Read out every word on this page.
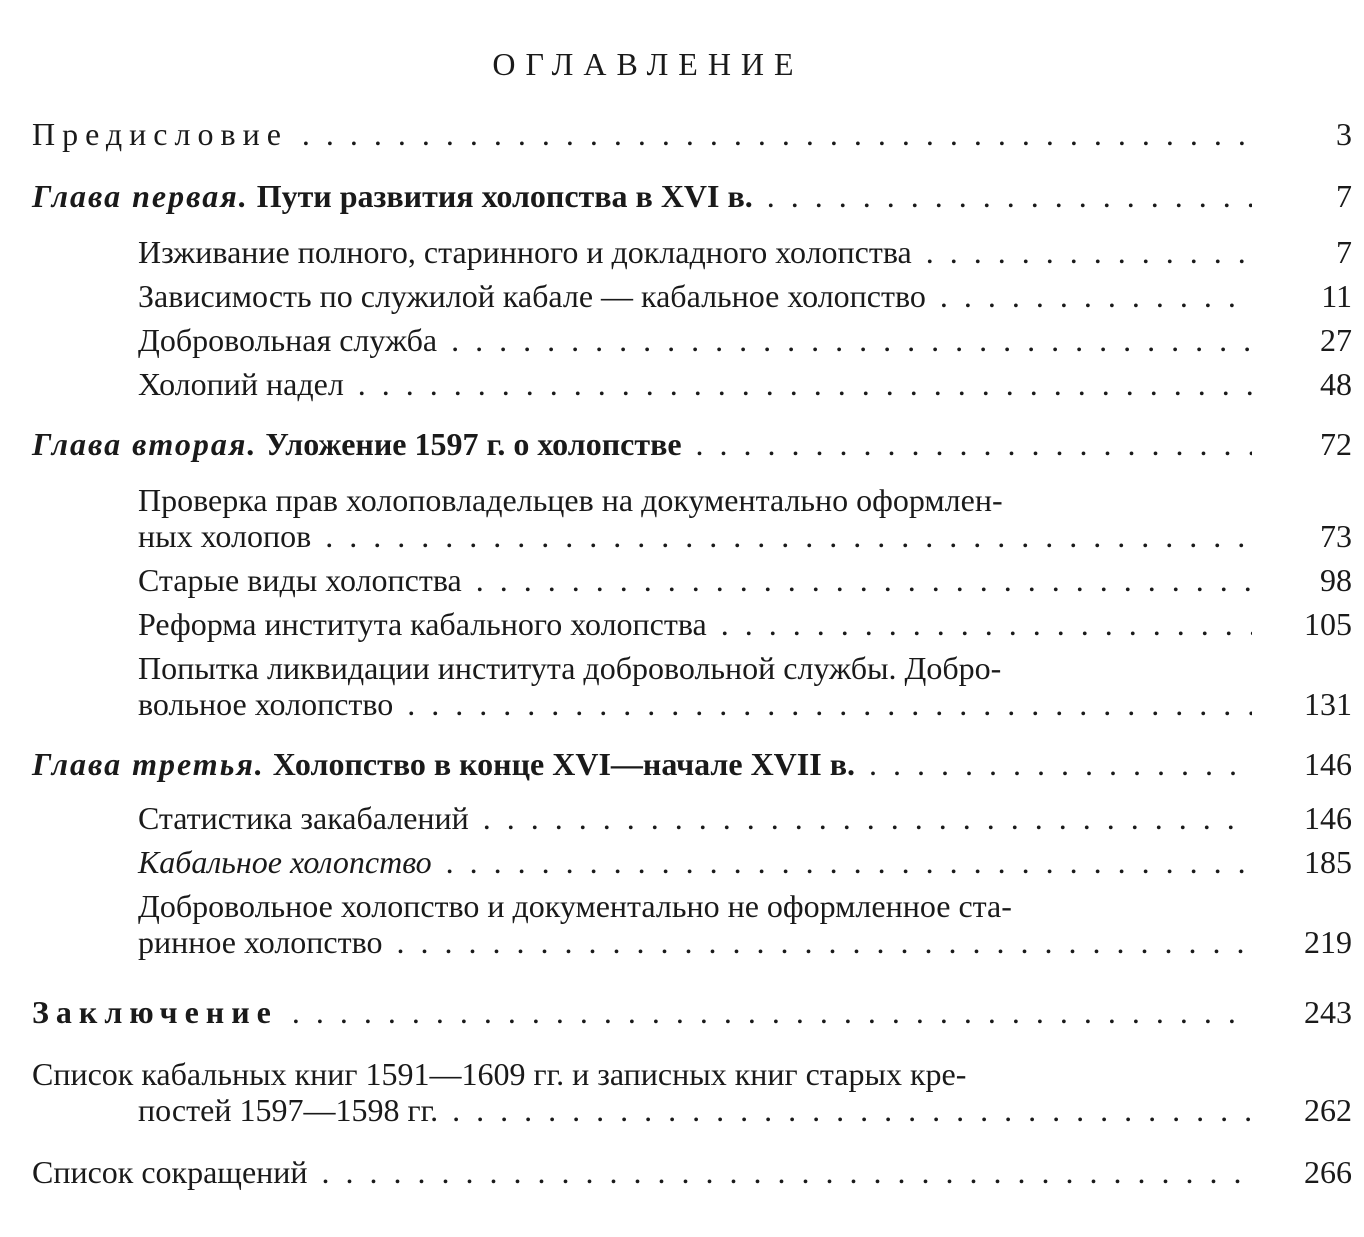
ОГЛАВЛЕНИЕ
Предисловие . . .	3
Глава первая. Пути развития холопства в XVI в. . . .	7
Изживание полного, старинного и докладного холопства . . .	7
Зависимость по служилой кабале — кабальное холопство . . .	11
Добровольная служба . . .	27
Холопий надел . . .	48
Глава вторая. Уложение 1597 г. о холопстве . . .	72
Проверка прав холоповладельцев на документально оформлен-
ных холопов . . .	73
Старые виды холопства . . .	98
Реформа института кабального холопства . . .	105
Попытка ликвидации института добровольной службы. Добро-
вольное холопство . . .	131
Глава третья. Холопство в конце XVI—начале XVII в. . . .	146
Статистика закабалений . . .	146
Кабальное холопство . . .	185
Добровольное холопство и документально не оформленное ста-
ринное холопство . . .	219
Заключение . . .	243
Список кабальных книг 1591—1609 гг. и записных книг старых кре-
постей 1597—1598 гг. . . .	262
Список сокращений . . .	266
